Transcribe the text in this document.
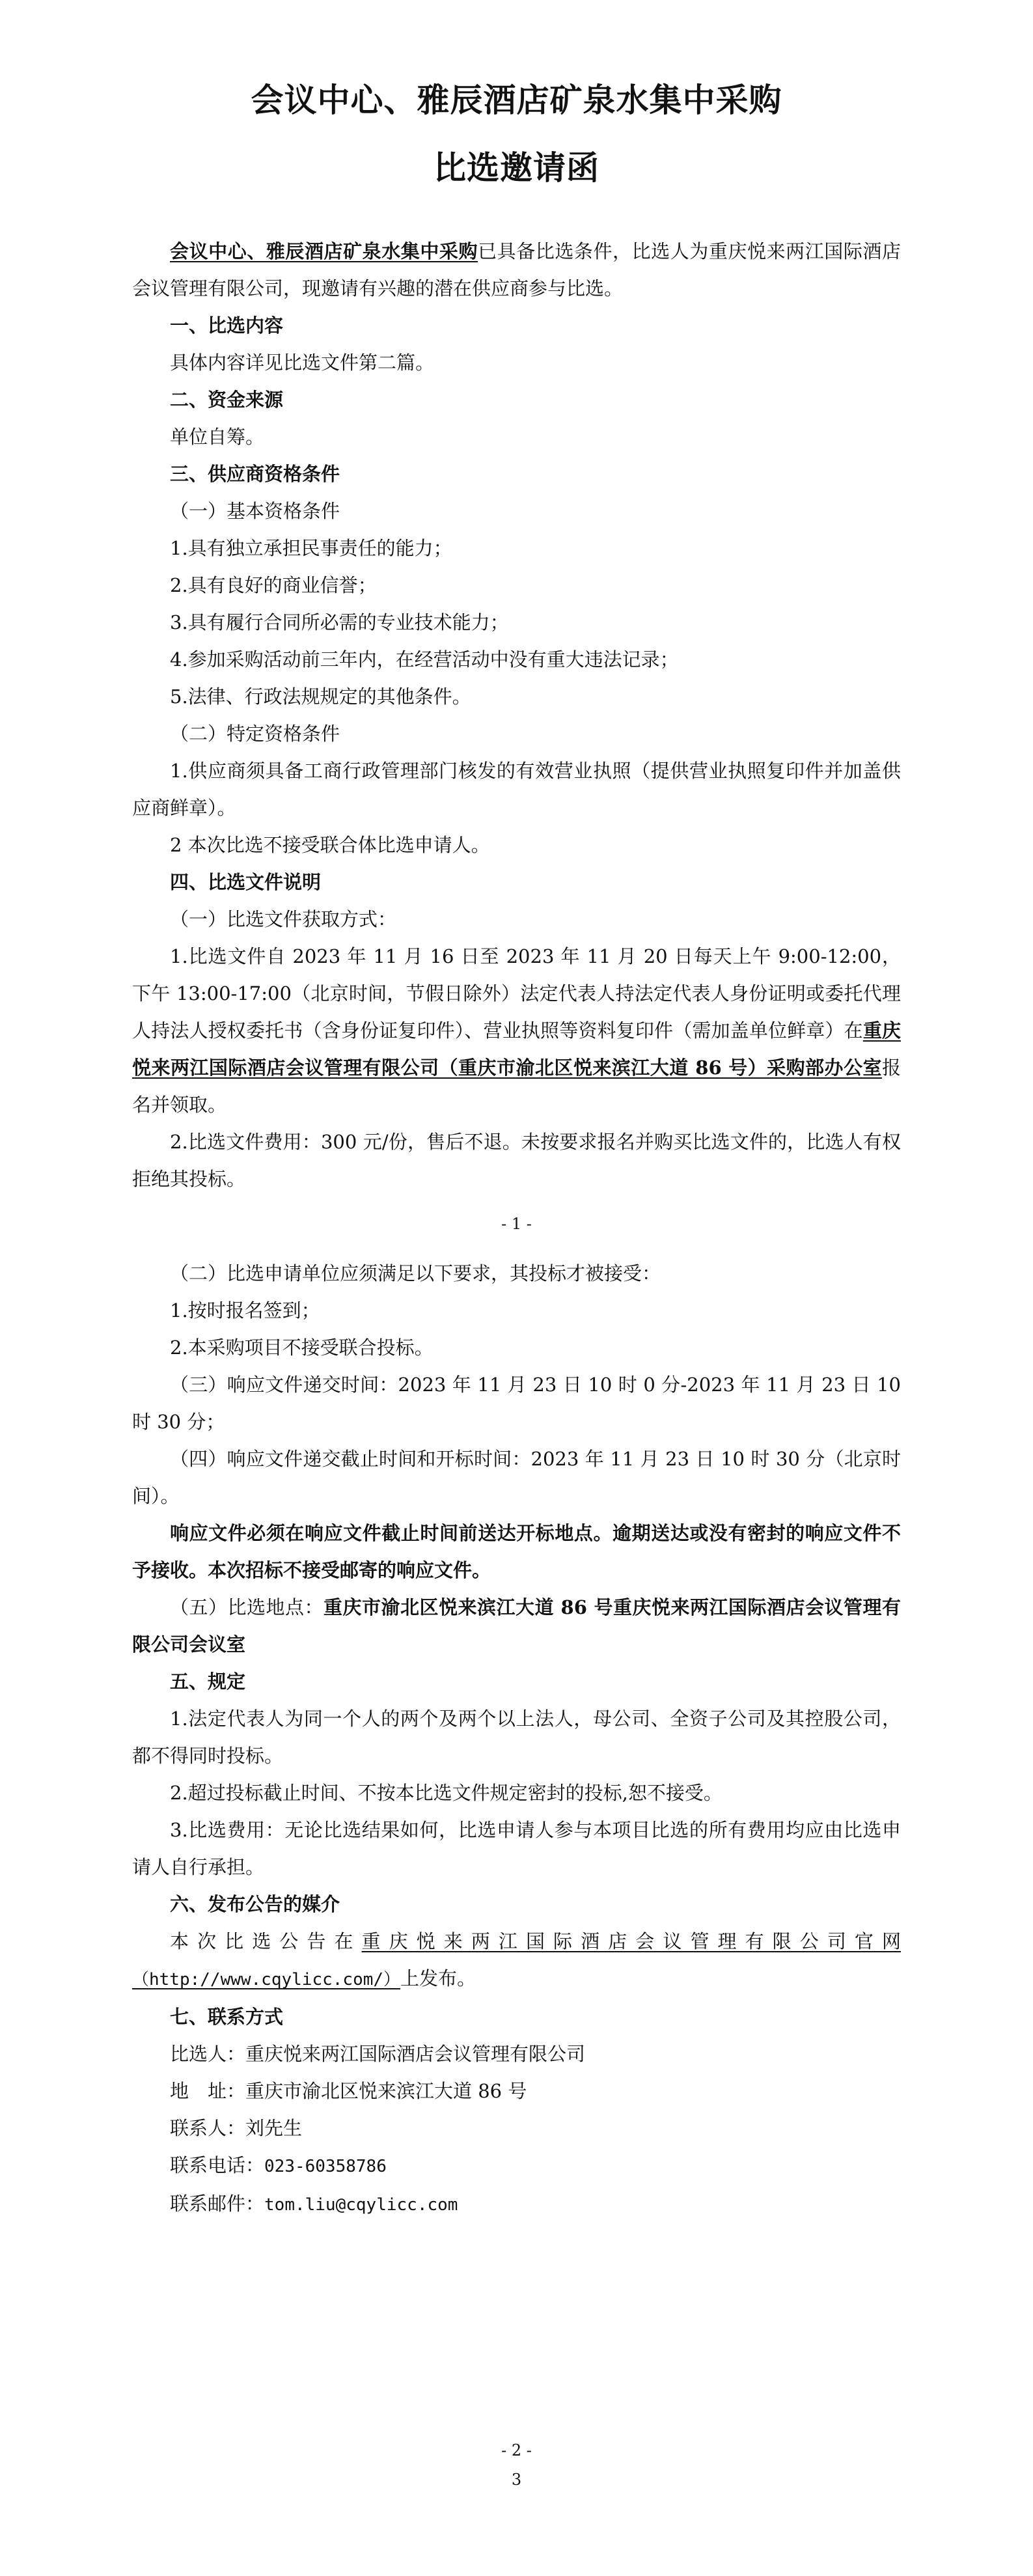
会议中心、雅辰酒店矿泉水集中采购
比选邀请函

会议中心、雅辰酒店矿泉水集中采购已具备比选条件，比选人为重庆悦来两江国际酒店会议管理有限公司，现邀请有兴趣的潜在供应商参与比选。

一、比选内容

具体内容详见比选文件第二篇。

二、资金来源

单位自筹。

三、供应商资格条件

（一）基本资格条件

1.具有独立承担民事责任的能力；

2.具有良好的商业信誉；

3.具有履行合同所必需的专业技术能力；

4.参加采购活动前三年内，在经营活动中没有重大违法记录；

5.法律、行政法规规定的其他条件。

（二）特定资格条件

1.供应商须具备工商行政管理部门核发的有效营业执照（提供营业执照复印件并加盖供应商鲜章）。

2 本次比选不接受联合体比选申请人。

四、比选文件说明

（一）比选文件获取方式：

1.比选文件自 2023 年 11 月 16 日至 2023 年 11 月 20 日每天上午 9:00-12:00，下午 13:00-17:00（北京时间，节假日除外）法定代表人持法定代表人身份证明或委托代理人持法人授权委托书（含身份证复印件）、营业执照等资料复印件（需加盖单位鲜章）在重庆悦来两江国际酒店会议管理有限公司（重庆市渝北区悦来滨江大道 86 号）采购部办公室报名并领取。

2.比选文件费用：300 元/份，售后不退。未按要求报名并购买比选文件的，比选人有权拒绝其投标。

- 1 -

（二）比选申请单位应须满足以下要求，其投标才被接受：

1.按时报名签到；

2.本采购项目不接受联合投标。

（三）响应文件递交时间：2023 年 11 月 23 日 10 时 0 分-2023 年 11 月 23 日 10 时 30 分；

（四）响应文件递交截止时间和开标时间：2023 年 11 月 23 日 10 时 30 分（北京时间）。

响应文件必须在响应文件截止时间前送达开标地点。逾期送达或没有密封的响应文件不予接收。本次招标不接受邮寄的响应文件。

（五）比选地点：重庆市渝北区悦来滨江大道 86 号重庆悦来两江国际酒店会议管理有限公司会议室

五、规定

1.法定代表人为同一个人的两个及两个以上法人，母公司、全资子公司及其控股公司，都不得同时投标。

2.超过投标截止时间、不按本比选文件规定密封的投标,恕不接受。

3.比选费用：无论比选结果如何，比选申请人参与本项目比选的所有费用均应由比选申请人自行承担。

六、发布公告的媒介

本次比选公告在重庆悦来两江国际酒店会议管理有限公司官网

（http://www.cqylicc.com/）上发布。

七、联系方式

比选人：重庆悦来两江国际酒店会议管理有限公司

地　址：重庆市渝北区悦来滨江大道 86 号

联系人：刘先生

联系电话：023-60358786

联系邮件：tom.liu@cqylicc.com

- 2 -
3
